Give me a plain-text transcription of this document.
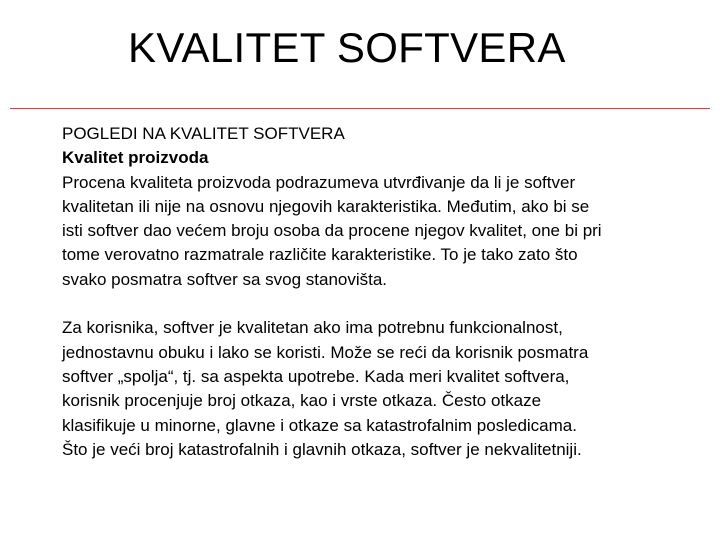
KVALITET SOFTVERA
POGLEDI NA KVALITET SOFTVERA
Kvalitet proizvoda

Procena kvaliteta proizvoda podrazumeva utvrđivanje da li je softver
kvalitetan ili nije na osnovu njegovih karakteristika. Međutim, ako bi se
isti softver dao većem broju osoba da procene njegov kvalitet, one bi pri
tome verovatno razmatrale različite karakteristike. To je tako zato što
svako posmatra softver sa svog stanovišta.

Za korisnika, softver je kvalitetan ako ima potrebnu funkcionalnost,
jednostavnu obuku i lako se koristi. Može se reći da korisnik posmatra
softver „spolja“, tj. sa aspekta upotrebe. Kada meri kvalitet softvera,
korisnik procenjuje broj otkaza, kao i vrste otkaza. Često otkaze
klasifikuje u minorne, glavne i otkaze sa katastrofalnim posledicama.
Što je veći broj katastrofalnih i glavnih otkaza, softver je nekvalitetniji.
